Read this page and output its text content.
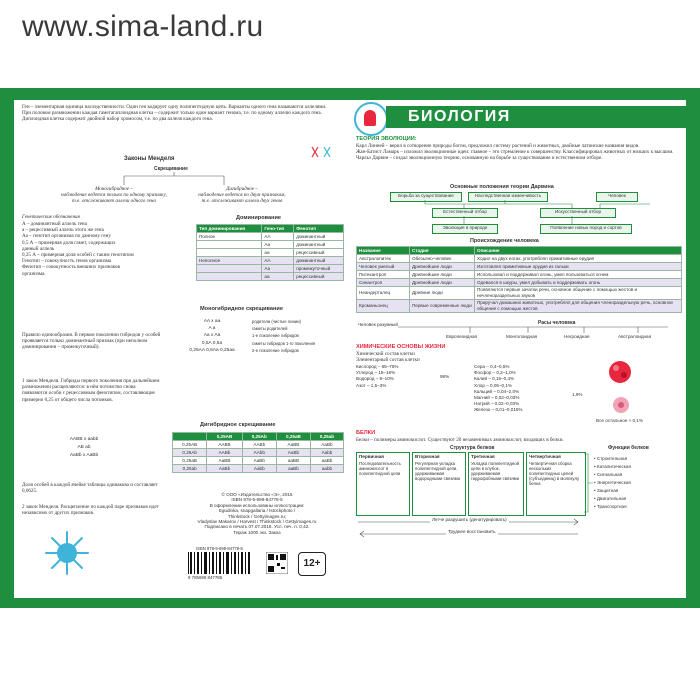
www.sima-land.ru
Ген – элементарная единица наследственности. Один ген кодирует одну полипептидную цепь. Варианты одного гена называются аллелями.
При половом размножении каждая гаметагаплоидная клетка – содержит только один вариант генома, т.е. по одному аллелю каждого гена. Диплоидная клетка содержит двойной набор хромосом, т.е. по два аллеля каждого гена.
Законы Менделя
Скрещивание
Моногибридное –
наблюдение ведется только по одному признаку,
т.е. отслеживают аллели одного гена
Дигибридное –
наблюдение ведется по двум признакам,
т.е. отслеживают аллели двух генов
Генетические обозначения
А – доминантный аллель гена
а – рецессивный аллель этого же гена
Аа – генотип организма по данному гену
0,5 А – примерная доля гамет, содержащих
данный аллель
0,25 А – примерная доля особей с таким генотипом
Генотип – совокупность генов организма
Фенотип – совокупность внешних признаков
организма.
Доминирование
Тип доминирования	Гено-тип	Фенотип
Полное	АА	доминантный
	Аа	доминантный
	аа	рецессивный
Неполное	АА	доминантный
	Аа	промежуточный
	аа	рецессивный
Моногибридное скрещивание
AA x aa
A a
Aa x Aa
0,5A 0,5a
0,25AA 0,5Aa 0,25aa
родители (чистые линии)
гаметы родителей
1-е поколение гибридов
гаметы гибридов 1-го поколения
2-е поколение гибридов
Правило единообразия. В первом поколении гибридов у особей проявляется только доминантный признак (при неполном доминировании – промежуточный).
1 закон Менделя. Гибриды первого поколения при дальнейшем размножении расщепляются: в нём потомство снова появляются особи с рецессивным фенотипом, составляющие примерно 0,25 от общего числа потомков.
AABB x aabb
AB ab
AaBb x AaBb
Дигибридное скрещивание
	0,25АВ	0,25Аb	0,25аВ	0,25аb
0,25АВ	ААВВ	ААВb	АаВВ	АаВb
0,25Аb	ААВb	ААbb	АаВb	Ааbb
0,25аВ	АаВВ	АаВb	ааВВ	ааВb
0,25аb	АаВb	Ааbb	ааВb	ааbb
Доля особей в каждой ячейке таблицы одинакова и составляет 0,0625.
2 закон Менделя. Расщепление по каждой паре признаков идет независимо от других признаков.
© ООО «Издательство «Э», 2016
ISBN 978-5-699-84778-5
В оформлении использованы иллюстрации:
Egudinka, snapgallaria / Istockphoto /
Thinkstock / Gettyimages.ru;
Vladyslav Makarov / Harvest / Thinkstock / Gettyimages.ru
Подписано в печать 07.07.2016. Усл. печ. л. 0,42.
Тираж 1000 экз. Заказ
ISBN 978-5-699-84778-5
9 785699 847785
12+
БИОЛОГИЯ
ТЕОРИЯ ЭВОЛЮЦИИ:
Карл Линней – верил в сотворение природы богом, предложил систему растений и животных, двойные латинские названия видов.
Жан-Батист Ламарк – изложил эволюционные идеи: главное – это стремление к совершенству. Классифицировал животных от низших к высшим.
Чарльз Дарвин – создал эволюционную теорию, основанную на борьбе за существование и естественном отборе.
Основные положения теории Дарвина
Борьба за существование	Наследственная изменчивость	Человек
Естественный отбор	Искусственный отбор
Эволюция в природе	Появление новых пород и сортов
Происхождение человека
Название	Стадия	Описание
Австралопитек	Обезьяно-человек	Ходил на двух ногах, употреблял примитивные орудия
Человек умелый	Древнейшие люди	Изготовлял примитивные орудия из гальки
Питекантроп	Древнейшие люди	Использовал и поддерживал огонь, умел пользоваться огнем
Синантроп	Древнейшие люди	Одевался в шкуры, умел добывать и поддерживать огонь
Неандерталец	Древние люди	Появляются первые зачатки речи, основное общение с помощью жестов и нечленораздельных звуков
Кроманьонец	Первые современные люди	Приручал домашних животных, употреблял для общения членораздельную речь, основное общение с помощью жестов
Расы человека
Человек разумный
Европеоидная	Монголоидная	Негроидная	Австралоидная
ХИМИЧЕСКИЕ ОСНОВЫ ЖИЗНИ
Химический состав клетки
Элементарный состав клетки
Кислород – 65–75%
Углерод – 15–18%
Водород – 8–10%
Азот – 1,5–3%
98%
Сера – 0,4–0,5%
Фосфор – 0,2–1,0%
Калий – 0,15–0,4%
Хлор – 0,05–0,1%
Кальций – 0,04–2,0%
Магний – 0,02–0,03%
Натрий – 0,02–0,03%
Железо – 0,01–0,015%
1,9%
Все остальное ≈ 0,1%
БЕЛКИ
Белки – полимеры аминокислот. Существуют 20 незаменимых аминокислот, входящих в белки.
Структура белков	Функции белков
Первичная
Последовательность аминокислот в полипептидной цепи
Вторичная
Регулярная укладка полипептидной цепи, удерживаемая водородными связями
Третичная
Укладка полипептидной цепи в клубок, удерживаемая гидрофобными связями
Четвертичная
Четвертичная сборка нескольких полипептидных цепей (субъединиц) в молекулу белка
• Строительная
• Каталитическая
• Сигнальная
• Энергетическая
• Защитная
• Двигательная
• Транспортная
Легче разрушить (денатурировать)
Труднее восстановить
